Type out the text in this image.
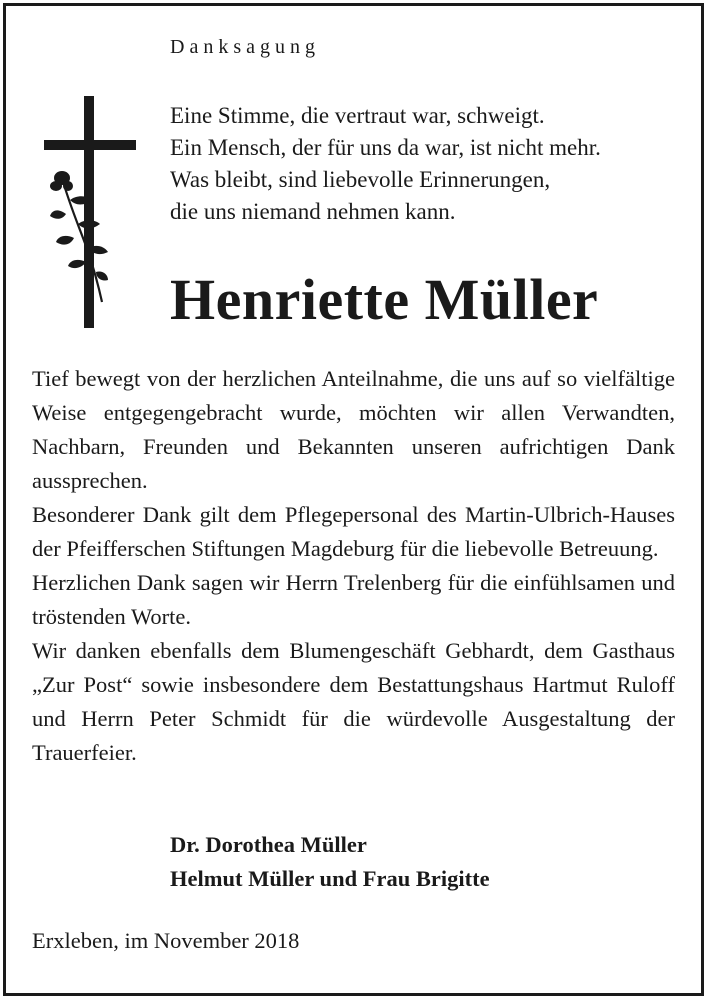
Danksagung
Eine Stimme, die vertraut war, schweigt.
Ein Mensch, der für uns da war, ist nicht mehr.
Was bleibt, sind liebevolle Erinnerungen,
die uns niemand nehmen kann.
Henriette Müller

Tief bewegt von der herzlichen Anteilnahme, die uns auf so vielfältige Weise entgegengebracht wurde, möchten wir allen Verwandten, Nachbarn, Freunden und Bekannten unseren aufrichtigen Dank aussprechen.

Besonderer Dank gilt dem Pflegepersonal des Martin-Ulbrich-Hauses der Pfeifferschen Stiftungen Magdeburg für die liebevolle Betreuung.

Herzlichen Dank sagen wir Herrn Trelenberg für die einfühlsamen und tröstenden Worte.

Wir danken ebenfalls dem Blumengeschäft Gebhardt, dem Gasthaus „Zur Post“ sowie insbesondere dem Bestattungshaus Hartmut Ruloff und Herrn Peter Schmidt für die würdevolle Ausgestaltung der Trauerfeier.

Dr. Dorothea Müller
Helmut Müller und Frau Brigitte
Erxleben, im November 2018
